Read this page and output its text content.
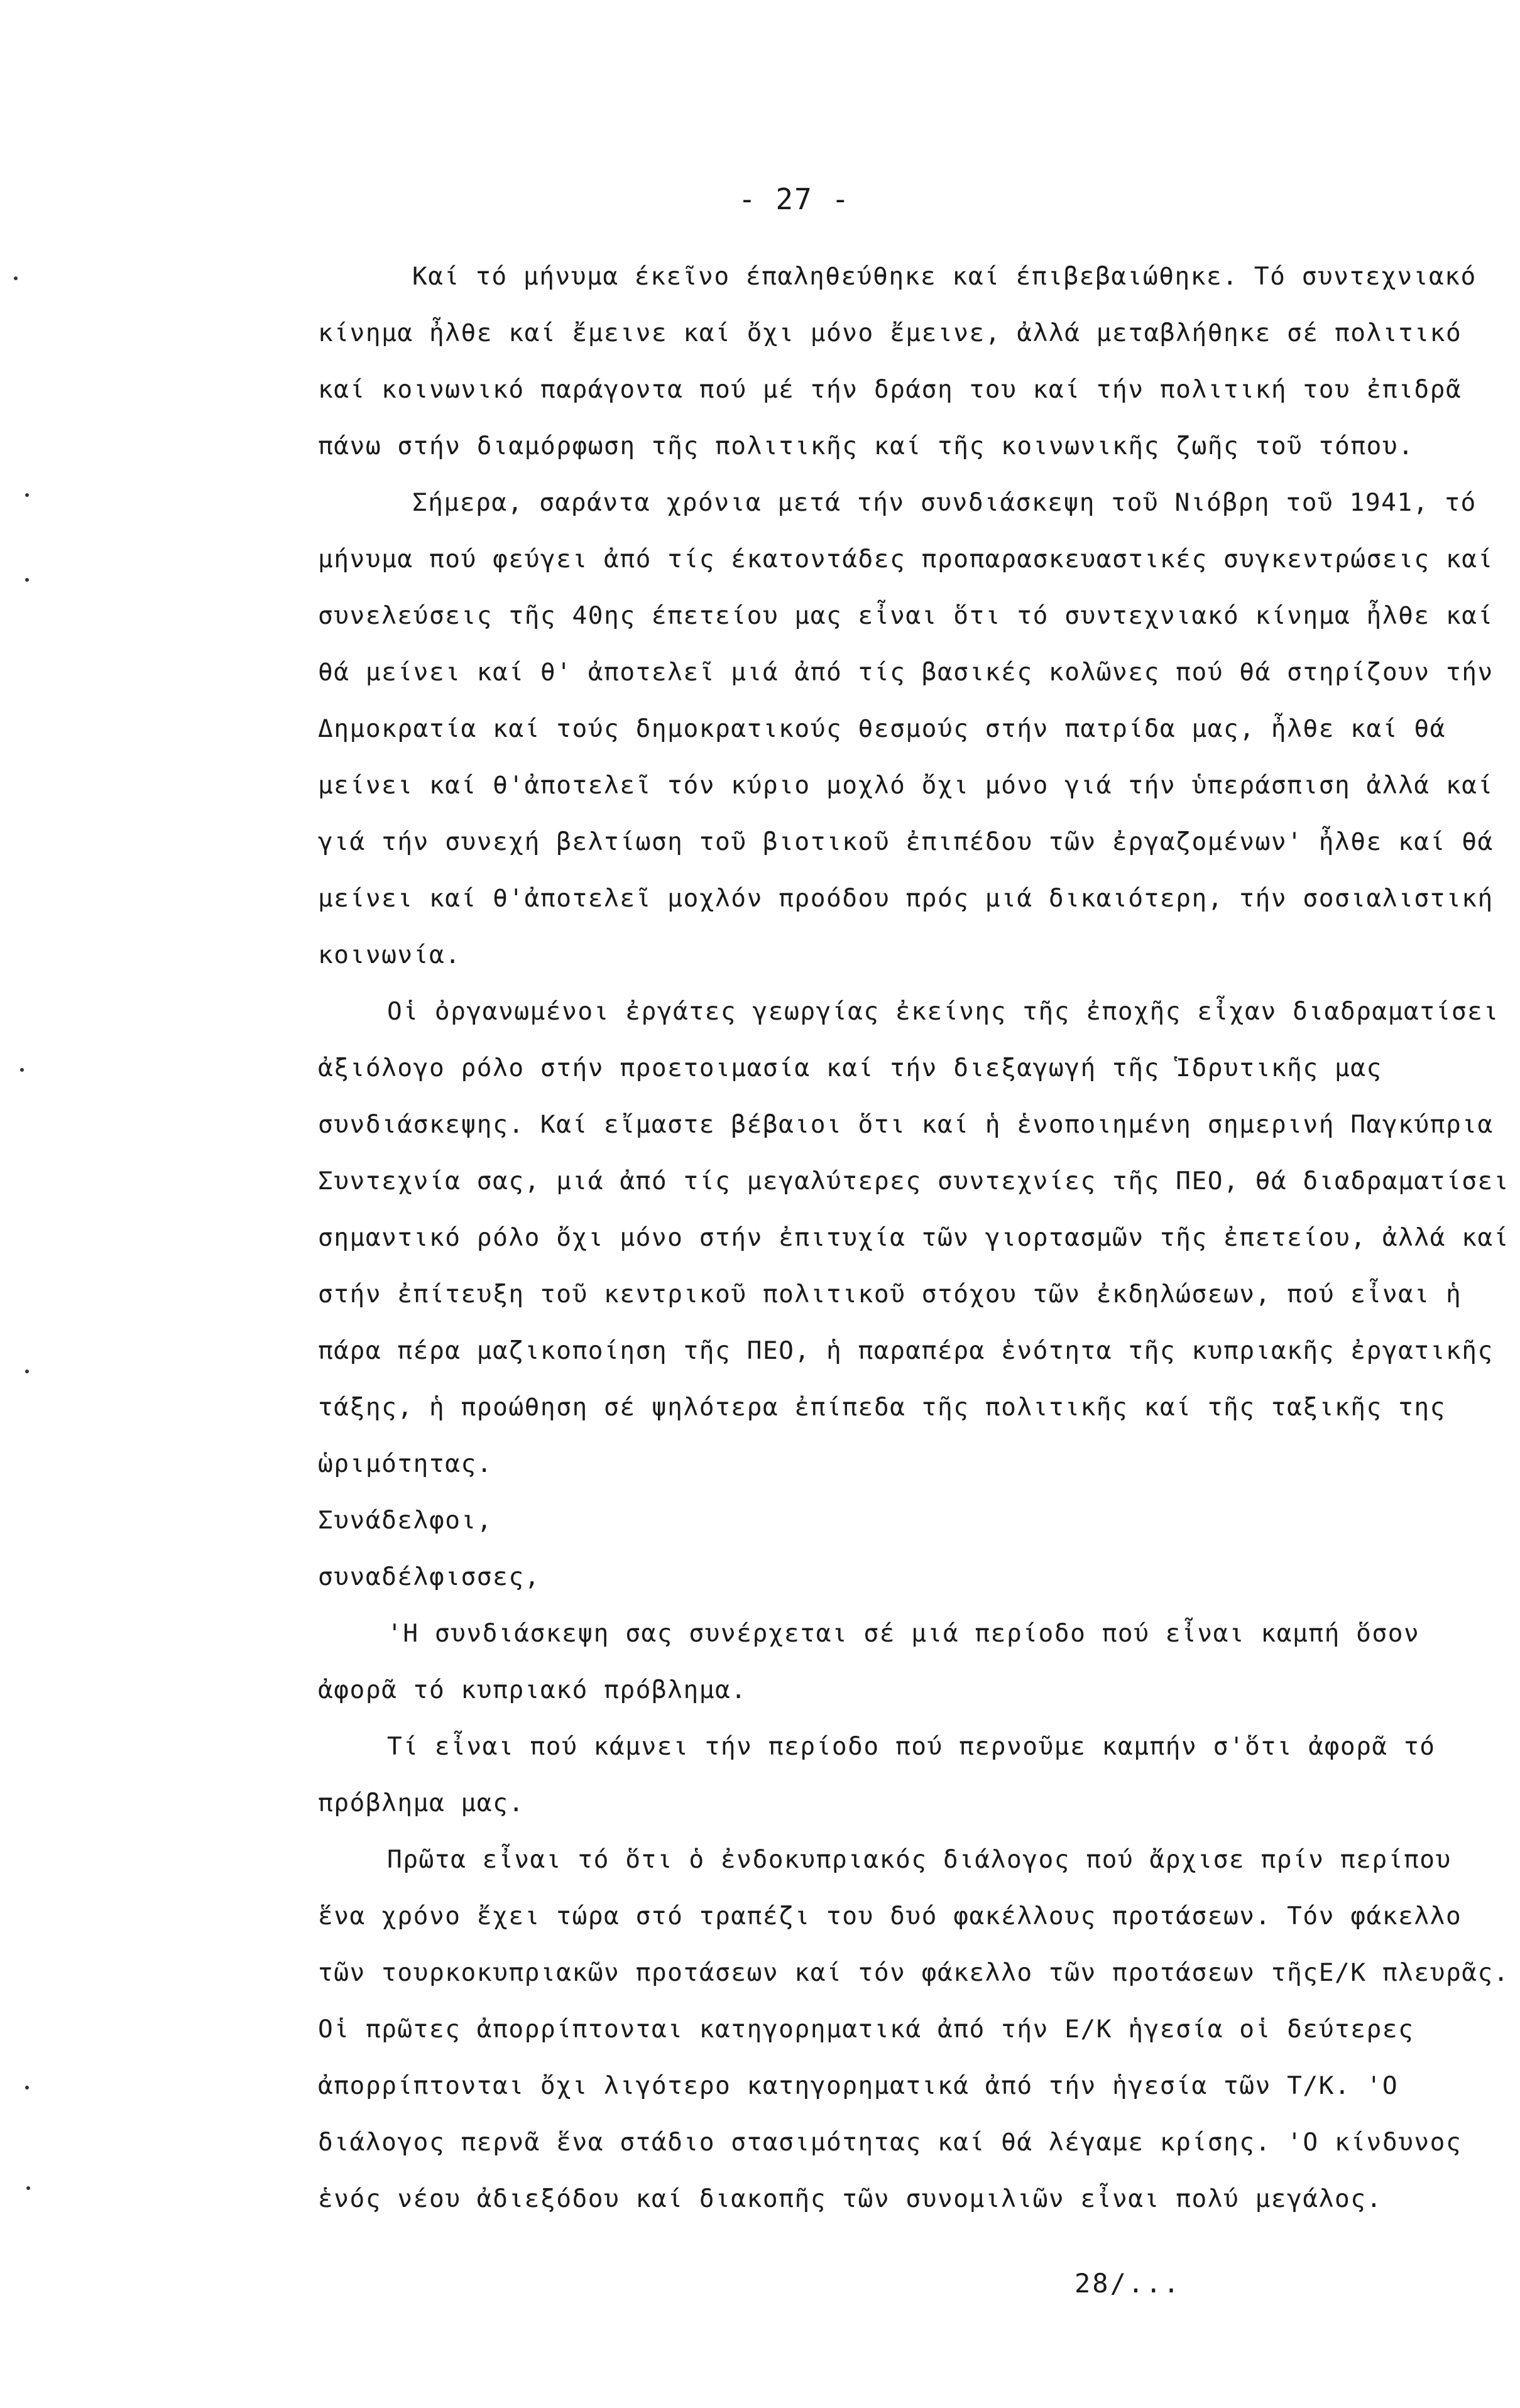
- 27 -

Καί τό μήνυμα έκεῖνο έπαληθεύθηκε καί έπιβεβαιώθηκε. Τό συντεχνιακό κίνημα ἦλθε καί ἔμεινε καί ὄχι μόνο ἔμεινε, ἀλλά μεταβλήθηκε σέ πολιτικό καί κοινωνικό παράγοντα πού μέ τήν δράση του καί τήν πολιτική του ἐπιδρᾶ πάνω στήν διαμόρφωση τῆς πολιτικῆς καί τῆς κοινωνικῆς ζωῆς τοῦ τόπου.

Σήμερα, σαράντα χρόνια μετά τήν συνδιάσκεψη τοῦ Νιόβρη τοῦ 1941, τό μήνυμα πού φεύγει ἀπό τίς έκατοντάδες προπαρασκευαστικές συγκεντρώσεις καί συνελεύσεις τῆς 40ης έπετείου μας εἶναι ὅτι τό συντεχνιακό κίνημα ἦλθε καί θά μείνει καί θ' ἀποτελεῖ μιά ἀπό τίς βασικές κολῶνες πού θά στηρίζουν τήν Δημοκρατία καί τούς δημοκρατικούς θεσμούς στήν πατρίδα μας, ἦλθε καί θά μείνει καί θ'ἀποτελεῖ τόν κύριο μοχλό ὄχι μόνο γιά τήν ὑπεράσπιση ἀλλά καί γιά τήν συνεχή βελτίωση τοῦ βιοτικοῦ ἐπιπέδου τῶν ἐργαζομένων' ἦλθε καί θά μείνει καί θ'ἀποτελεῖ μοχλόν προόδου πρός μιά δικαιότερη, τήν σοσιαλιστική κοινωνία.

Οἱ ὀργανωμένοι ἐργάτες γεωργίας ἐκείνης τῆς ἐποχῆς εἶχαν διαδραματίσει ἀξιόλογο ρόλο στήν προετοιμασία καί τήν διεξαγωγή τῆς Ἱδρυτικῆς μας συνδιάσκεψης. Καί εἴμαστε βέβαιοι ὅτι καί ἡ ἑνοποιημένη σημερινή Παγκύπρια Συντεχνία σας, μιά ἀπό τίς μεγαλύτερες συντεχνίες τῆς ΠΕΟ, θά διαδραματίσει σημαντικό ρόλο ὄχι μόνο στήν ἐπιτυχία τῶν γιορτασμῶν τῆς ἐπετείου, ἀλλά καί στήν ἐπίτευξη τοῦ κεντρικοῦ πολιτικοῦ στόχου τῶν ἐκδηλώσεων, πού εἶναι ἡ πάρα πέρα μαζικοποίηση τῆς ΠΕΟ, ἡ παραπέρα ἑνότητα τῆς κυπριακῆς ἐργατικῆς τάξης, ἡ προώθηση σέ ψηλότερα ἐπίπεδα τῆς πολιτικῆς καί τῆς ταξικῆς της ὡριμότητας.

Συνάδελφοι,

συναδέλφισσες,

'Η συνδιάσκεψη σας συνέρχεται σέ μιά περίοδο πού εἶναι καμπή ὅσον ἀφορᾶ τό κυπριακό πρόβλημα.

Τί εἶναι πού κάμνει τήν περίοδο πού περνοῦμε καμπήν σ'ὅτι ἀφορᾶ τό πρόβλημα μας.

Πρῶτα εἶναι τό ὅτι ὁ ἐνδοκυπριακός διάλογος πού ἄρχισε πρίν περίπου ἕνα χρόνο ἔχει τώρα στό τραπέζι του δυό φακέλλους προτάσεων. Τόν φάκελλο τῶν τουρκοκυπριακῶν προτάσεων καί τόν φάκελλο τῶν προτάσεων τῆςΕ/Κ πλευρᾶς. Οἱ πρῶτες ἀπορρίπτονται κατηγορηματικά ἀπό τήν Ε/Κ ἡγεσία οἱ δεύτερες ἀπορρίπτονται ὄχι λιγότερο κατηγορηματικά ἀπό τήν ἡγεσία τῶν Τ/Κ. 'Ο διάλογος περνᾶ ἕνα στάδιο στασιμότητας καί θά λέγαμε κρίσης. 'Ο κίνδυνος ἑνός νέου ἀδιεξόδου καί διακοπῆς τῶν συνομιλιῶν εἶναι πολύ μεγάλος.

28/...
